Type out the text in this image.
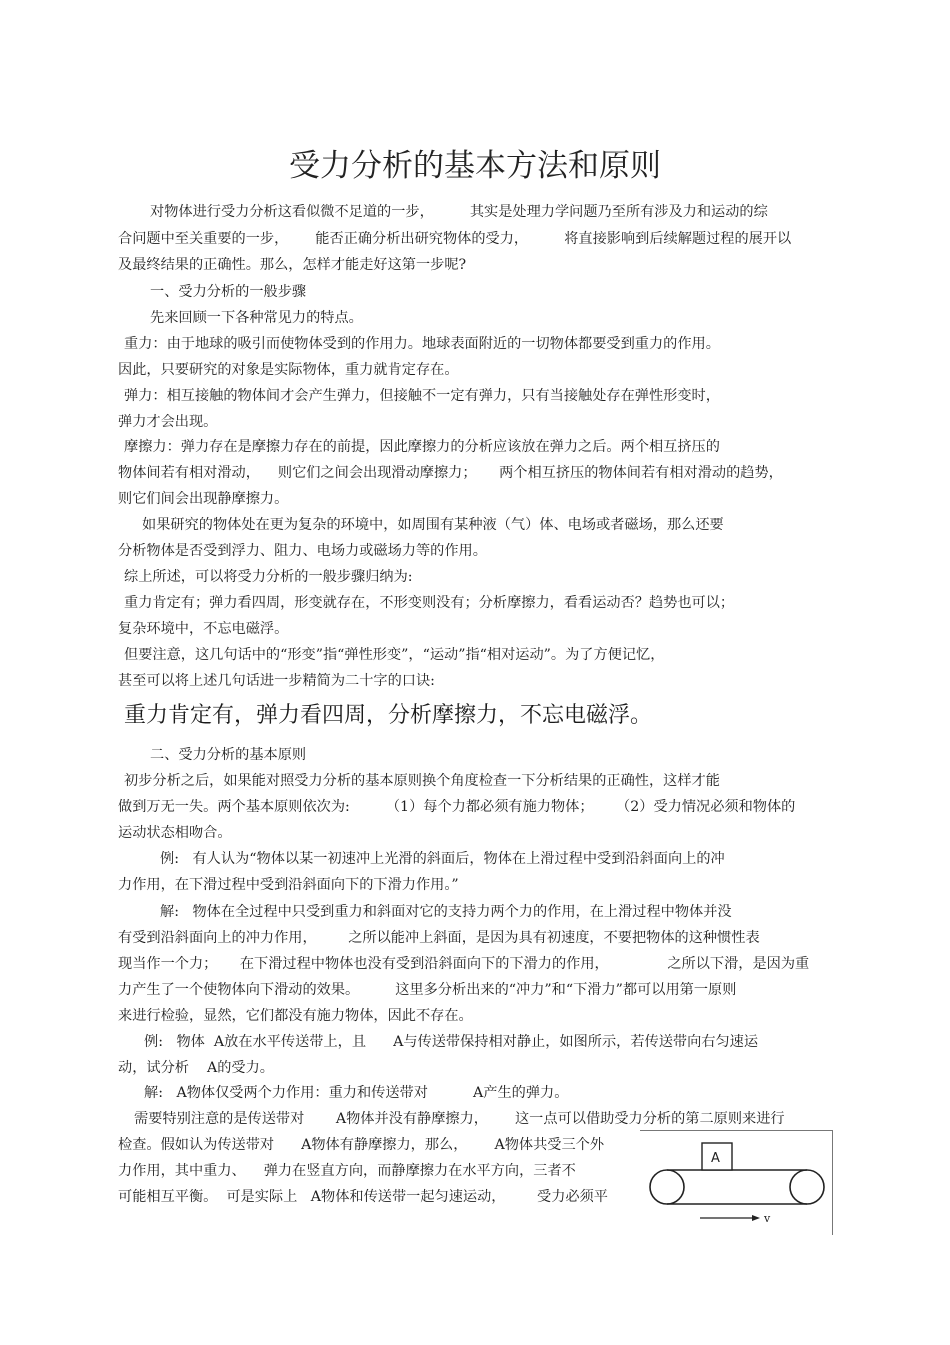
受力分析的基本方法和原则
对物体进行受力分析这看似微不足道的一步，        其实是处理力学问题乃至所有涉及力和运动的综
合问题中至关重要的一步，      能否正确分析出研究物体的受力，        将直接影响到后续解题过程的展开以
及最终结果的正确性。那么，怎样才能走好这第一步呢?
一、受力分析的一般步骤
先来回顾一下各种常见力的特点。
重力：由于地球的吸引而使物体受到的作用力。地球表面附近的一切物体都要受到重力的作用。
因此，只要研究的对象是实际物体，重力就肯定存在。
弹力：相互接触的物体间才会产生弹力，但接触不一定有弹力，只有当接触处存在弹性形变时，
弹力才会出现。
摩擦力：弹力存在是摩擦力存在的前提，因此摩擦力的分析应该放在弹力之后。两个相互挤压的
物体间若有相对滑动，    则它们之间会出现滑动摩擦力；     两个相互挤压的物体间若有相对滑动的趋势，
则它们间会出现静摩擦力。
如果研究的物体处在更为复杂的环境中，如周围有某种液（气）体、电场或者磁场，那么还要
分析物体是否受到浮力、阻力、电场力或磁场力等的作用。
综上所述，可以将受力分析的一般步骤归纳为:
重力肯定有；弹力看四周，形变就存在，不形变则没有；分析摩擦力，看看运动否？趋势也可以；
复杂环境中，不忘电磁浮。
但要注意，这几句话中的“形变”指“弹性形变”，“运动”指“相对运动”。为了方便记忆，
甚至可以将上述几句话进一步精简为二十字的口诀:
重力肯定有，弹力看四周，分析摩擦力，不忘电磁浮。
二、受力分析的基本原则
初步分析之后，如果能对照受力分析的基本原则换个角度检查一下分析结果的正确性，这样才能
做到万无一失。两个基本原则依次为:        （1）每个力都必须有施力物体；     （2）受力情况必须和物体的
运动状态相吻合。
例:   有人认为“物体以某一初速冲上光滑的斜面后，物体在上滑过程中受到沿斜面向上的冲
力作用，在下滑过程中受到沿斜面向下的下滑力作用。”
解:   物体在全过程中只受到重力和斜面对它的支持力两个力的作用，在上滑过程中物体并没
有受到沿斜面向上的冲力作用，       之所以能冲上斜面，是因为具有初速度，不要把物体的这种惯性表
现当作一个力；     在下滑过程中物体也没有受到沿斜面向下的下滑力的作用，             之所以下滑，是因为重
力产生了一个使物体向下滑动的效果。        这里多分析出来的“冲力”和“下滑力”都可以用第一原则
来进行检验，显然，它们都没有施力物体，因此不存在。
例:   物体  A放在水平传送带上，且      A与传送带保持相对静止，如图所示，若传送带向右匀速运
动，试分析    A的受力。
解:   A物体仅受两个力作用：重力和传送带对          A产生的弹力。
需要特别注意的是传送带对       A物体并没有静摩擦力，      这一点可以借助受力分析的第二原则来进行
检查。假如认为传送带对      A物体有静摩擦力，那么，      A物体共受三个外
力作用，其中重力、    弹力在竖直方向，而静摩擦力在水平方向，三者不
可能相互平衡。  可是实际上   A物体和传送带一起匀速运动，       受力必须平
A
v
